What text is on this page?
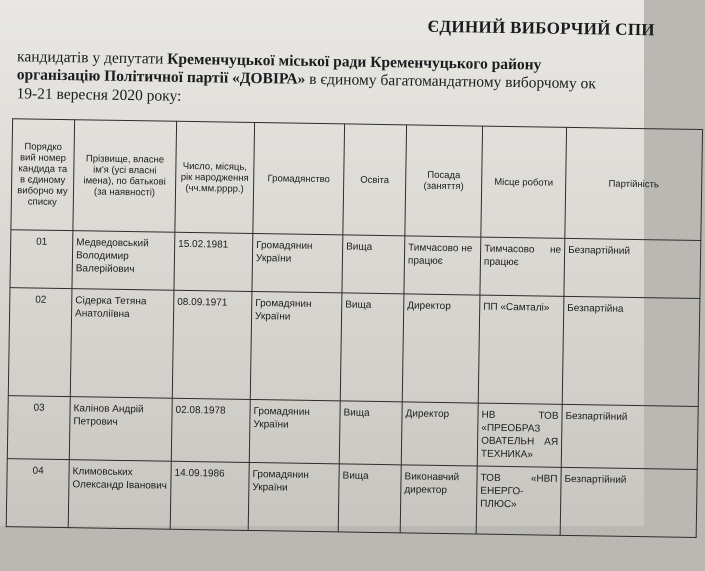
ЄДИНИЙ ВИБОРЧИЙ СПИ
кандидатів у депутати Кременчуцької міської ради Кременчуцького району
організацію Політичної партії «ДОВІРА» в єдиному багатомандатному виборчому ок
19-21 вересня 2020 року:
Порядко вий номер кандида та в єдиному виборчо му списку	Прізвище, власне ім'я (усі власні імена), по батькові (за наявності)	Число, місяць, рік народження (чч.мм.рррр.)	Громадянство	Освіта	Посада (заняття)	Місце роботи	Партійність
01	Медведовський Володимир Валерійович	15.02.1981	Громадянин України	Вища	Тимчасово не працює	Тимчасово не працює	Безпартійний
02	Сідерка Тетяна Анатоліївна	08.09.1971	Громадянин України	Вища	Директор	ПП «Самталі»	Безпартійна
03	Калінов Андрій Петрович	02.08.1978	Громадянин України	Вища	Директор	НВ ТОВ «ПРЕОБРАЗ ОВАТЕЛЬН АЯ ТЕХНИКА»	Безпартійний
04	Климовських Олександр Іванович	14.09.1986	Громадянин України	Вища	Виконавчий директор	ТОВ «НВП ЕНЕРГО-ПЛЮС»	Безпартійний
